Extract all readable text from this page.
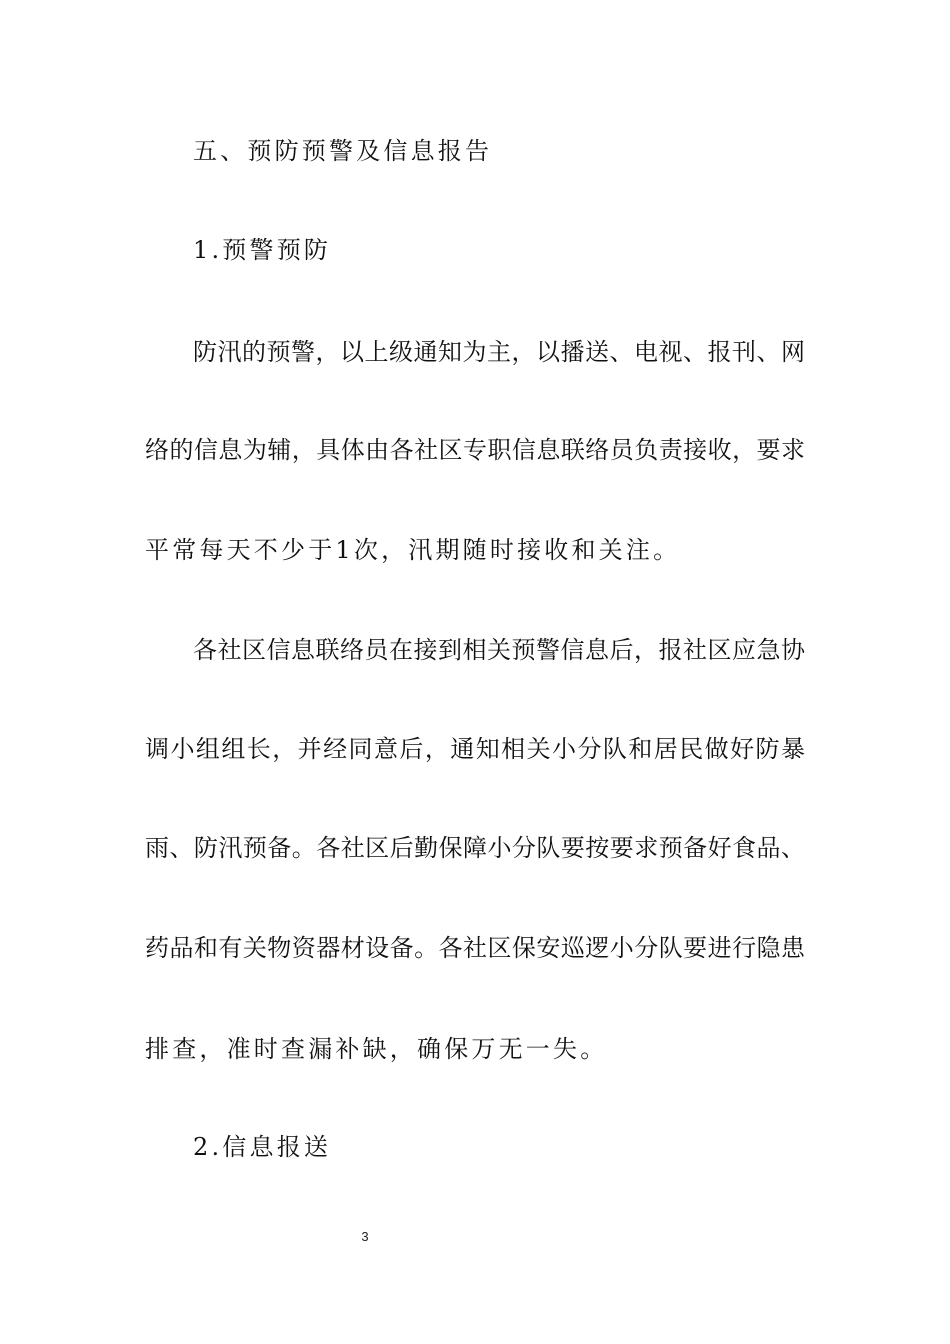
五、预防预警及信息报告
1.预警预防
防汛的预警，以上级通知为主，以播送、电视、报刊、网
络的信息为辅，具体由各社区专职信息联络员负责接收，要求
平常每天不少于1次，汛期随时接收和关注。
各社区信息联络员在接到相关预警信息后，报社区应急协
调小组组长，并经同意后，通知相关小分队和居民做好防暴
雨、防汛预备。各社区后勤保障小分队要按要求预备好食品、
药品和有关物资器材设备。各社区保安巡逻小分队要进行隐患
排查，准时查漏补缺，确保万无一失。
2.信息报送
3
